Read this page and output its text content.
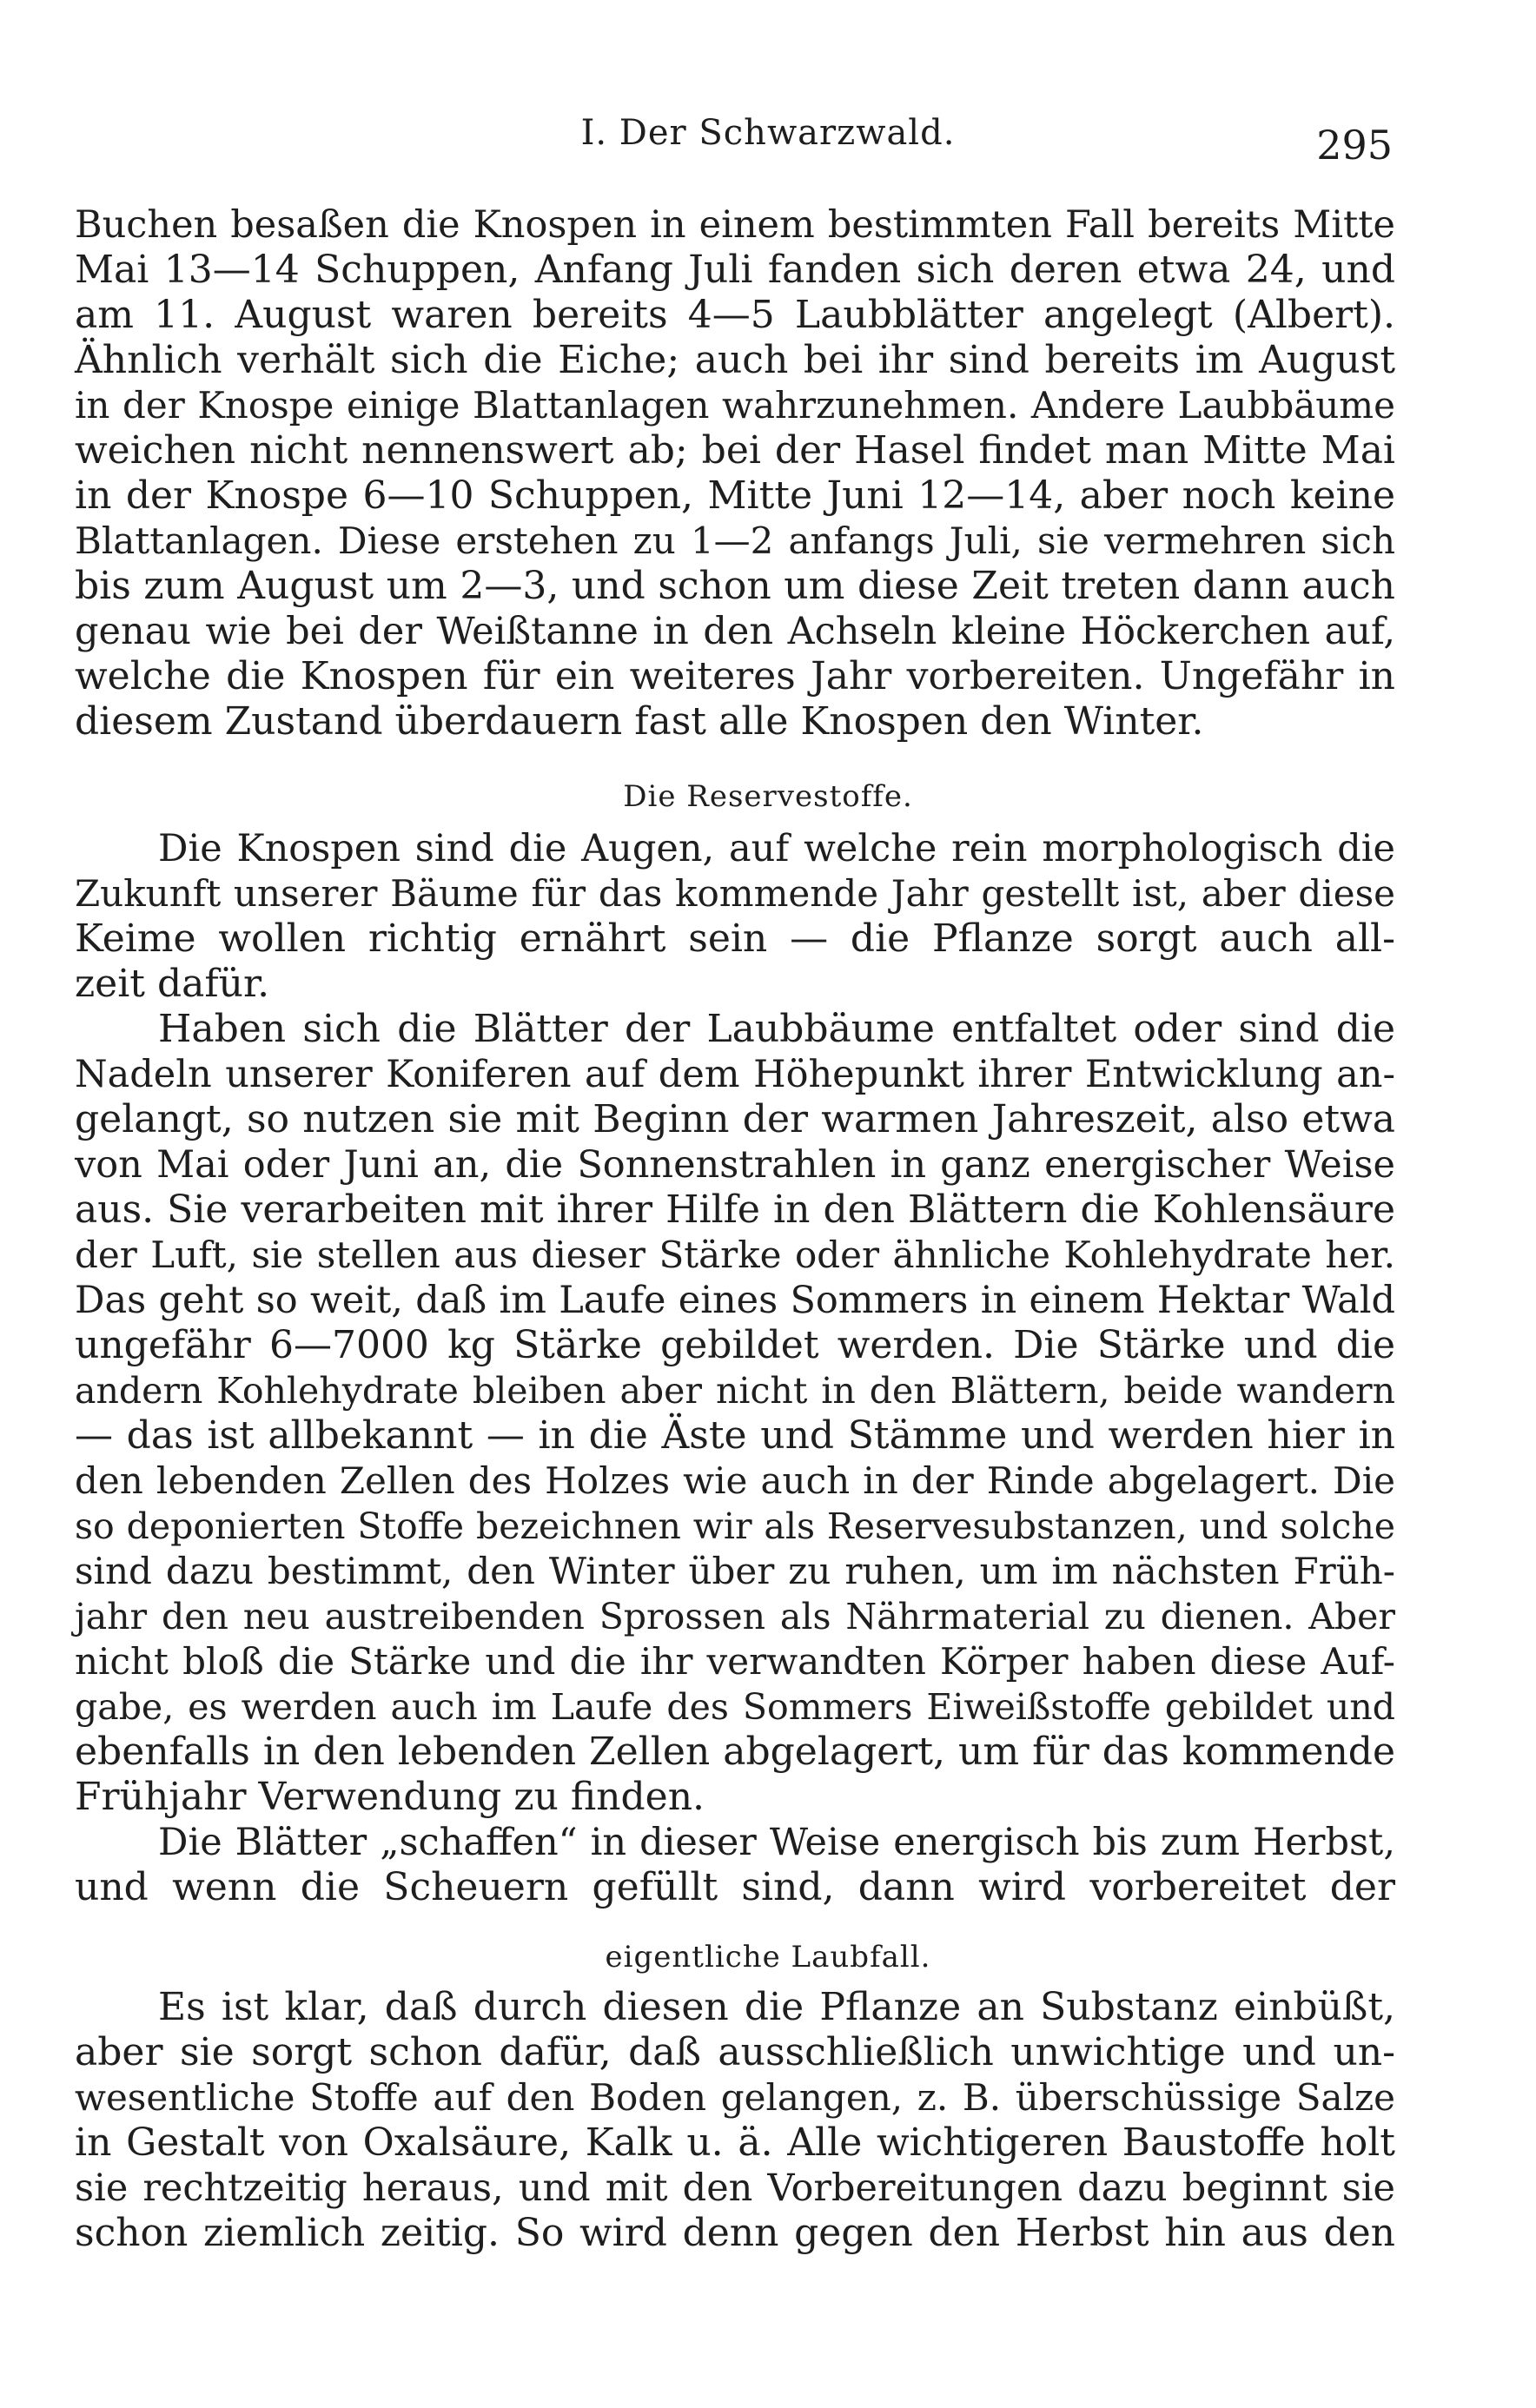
I. Der Schwarzwald.	295
Buchen besaßen die Knospen in einem bestimmten Fall bereits Mitte
Mai 13—14 Schuppen, Anfang Juli fanden sich deren etwa 24, und
am 11. August waren bereits 4—5 Laubblätter angelegt (Albert).
Ähnlich verhält sich die Eiche; auch bei ihr sind bereits im August
in der Knospe einige Blattanlagen wahrzunehmen. Andere Laubbäume
weichen nicht nennenswert ab; bei der Hasel findet man Mitte Mai
in der Knospe 6—10 Schuppen, Mitte Juni 12—14, aber noch keine
Blattanlagen. Diese erstehen zu 1—2 anfangs Juli, sie vermehren sich
bis zum August um 2—3, und schon um diese Zeit treten dann auch
genau wie bei der Weißtanne in den Achseln kleine Höckerchen auf,
welche die Knospen für ein weiteres Jahr vorbereiten. Ungefähr in
diesem Zustand überdauern fast alle Knospen den Winter.
Die Reservestoffe.
Die Knospen sind die Augen, auf welche rein morphologisch die
Zukunft unserer Bäume für das kommende Jahr gestellt ist, aber diese
Keime wollen richtig ernährt sein — die Pflanze sorgt auch all-
zeit dafür.
Haben sich die Blätter der Laubbäume entfaltet oder sind die
Nadeln unserer Koniferen auf dem Höhepunkt ihrer Entwicklung an-
gelangt, so nutzen sie mit Beginn der warmen Jahreszeit, also etwa
von Mai oder Juni an, die Sonnenstrahlen in ganz energischer Weise
aus. Sie verarbeiten mit ihrer Hilfe in den Blättern die Kohlensäure
der Luft, sie stellen aus dieser Stärke oder ähnliche Kohlehydrate her.
Das geht so weit, daß im Laufe eines Sommers in einem Hektar Wald
ungefähr 6—7000 kg Stärke gebildet werden. Die Stärke und die
andern Kohlehydrate bleiben aber nicht in den Blättern, beide wandern
— das ist allbekannt — in die Äste und Stämme und werden hier in
den lebenden Zellen des Holzes wie auch in der Rinde abgelagert. Die
so deponierten Stoffe bezeichnen wir als Reservesubstanzen, und solche
sind dazu bestimmt, den Winter über zu ruhen, um im nächsten Früh-
jahr den neu austreibenden Sprossen als Nährmaterial zu dienen. Aber
nicht bloß die Stärke und die ihr verwandten Körper haben diese Auf-
gabe, es werden auch im Laufe des Sommers Eiweißstoffe gebildet und
ebenfalls in den lebenden Zellen abgelagert, um für das kommende
Frühjahr Verwendung zu finden.
Die Blätter „schaffen“ in dieser Weise energisch bis zum Herbst,
und wenn die Scheuern gefüllt sind, dann wird vorbereitet der
eigentliche Laubfall.
Es ist klar, daß durch diesen die Pflanze an Substanz einbüßt,
aber sie sorgt schon dafür, daß ausschließlich unwichtige und un-
wesentliche Stoffe auf den Boden gelangen, z. B. überschüssige Salze
in Gestalt von Oxalsäure, Kalk u. ä. Alle wichtigeren Baustoffe holt
sie rechtzeitig heraus, und mit den Vorbereitungen dazu beginnt sie
schon ziemlich zeitig. So wird denn gegen den Herbst hin aus den
